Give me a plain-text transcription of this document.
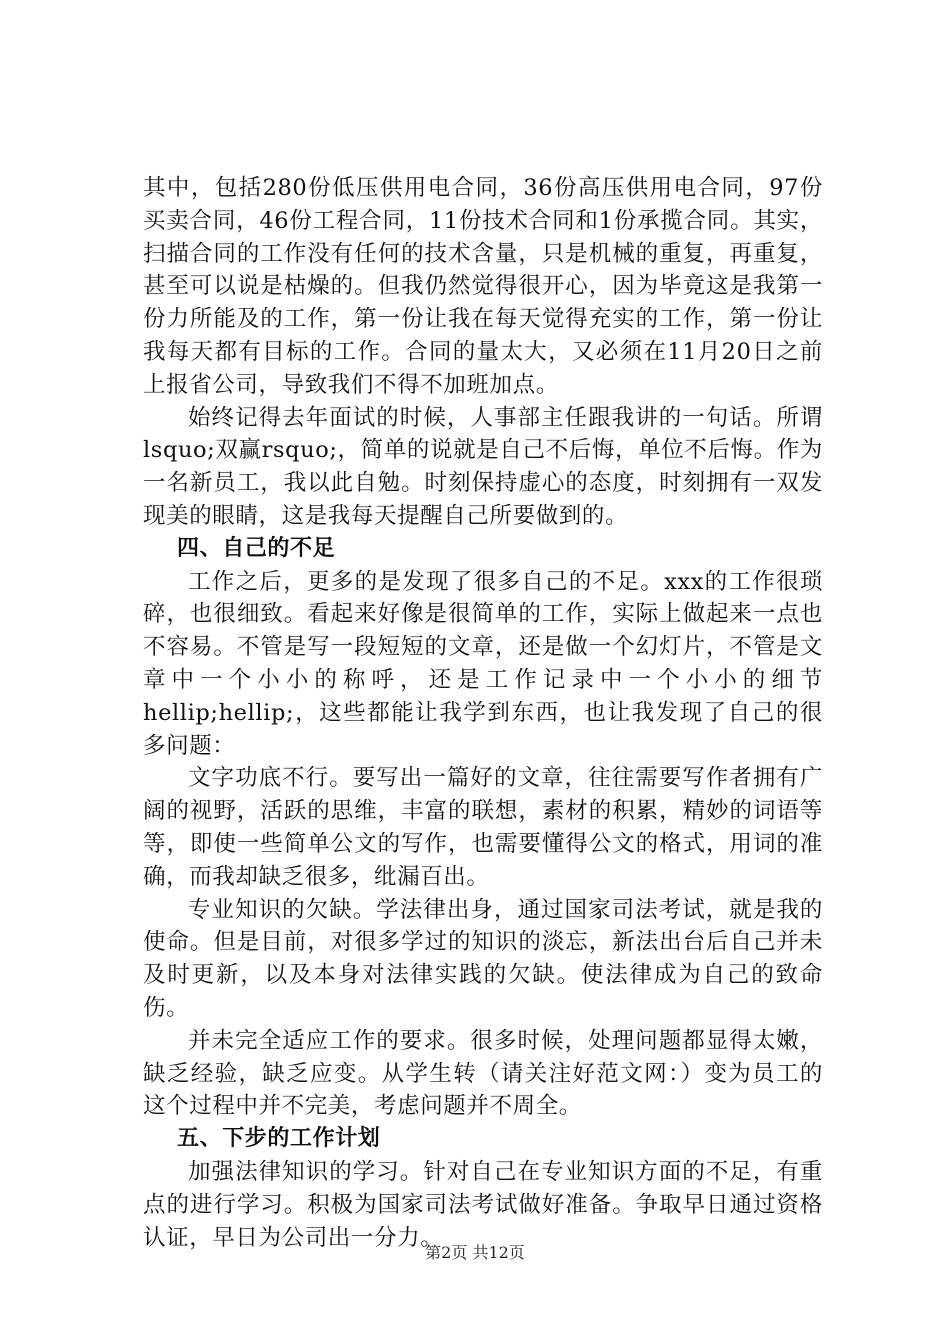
其中，包括280份低压供用电合同，36份高压供用电合同，97份买卖合同，46份工程合同，11份技术合同和1份承揽合同。其实，扫描合同的工作没有任何的技术含量，只是机械的重复，再重复，甚至可以说是枯燥的。但我仍然觉得很开心，因为毕竟这是我第一份力所能及的工作，第一份让我在每天觉得充实的工作，第一份让我每天都有目标的工作。合同的量太大，又必须在11月20日之前上报省公司，导致我们不得不加班加点。

始终记得去年面试的时候，人事部主任跟我讲的一句话。所谓lsquo;双赢rsquo;，简单的说就是自己不后悔，单位不后悔。作为一名新员工，我以此自勉。时刻保持虚心的态度，时刻拥有一双发现美的眼睛，这是我每天提醒自己所要做到的。

四、自己的不足

工作之后，更多的是发现了很多自己的不足。xxx的工作很琐碎，也很细致。看起来好像是很简单的工作，实际上做起来一点也不容易。不管是写一段短短的文章，还是做一个幻灯片，不管是文章中一个小小的称呼，还是工作记录中一个小小的细节hellip;hellip;，这些都能让我学到东西，也让我发现了自己的很多问题：

文字功底不行。要写出一篇好的文章，往往需要写作者拥有广阔的视野，活跃的思维，丰富的联想，素材的积累，精妙的词语等等，即使一些简单公文的写作，也需要懂得公文的格式，用词的准确，而我却缺乏很多，纰漏百出。

专业知识的欠缺。学法律出身，通过国家司法考试，就是我的使命。但是目前，对很多学过的知识的淡忘，新法出台后自己并未及时更新，以及本身对法律实践的欠缺。使法律成为自己的致命伤。

并未完全适应工作的要求。很多时候，处理问题都显得太嫩，缺乏经验，缺乏应变。从学生转（请关注好范文网：）变为员工的这个过程中并不完美，考虑问题并不周全。

五、下步的工作计划

加强法律知识的学习。针对自己在专业知识方面的不足，有重点的进行学习。积极为国家司法考试做好准备。争取早日通过资格认证，早日为公司出一分力。

第2页 共12页
